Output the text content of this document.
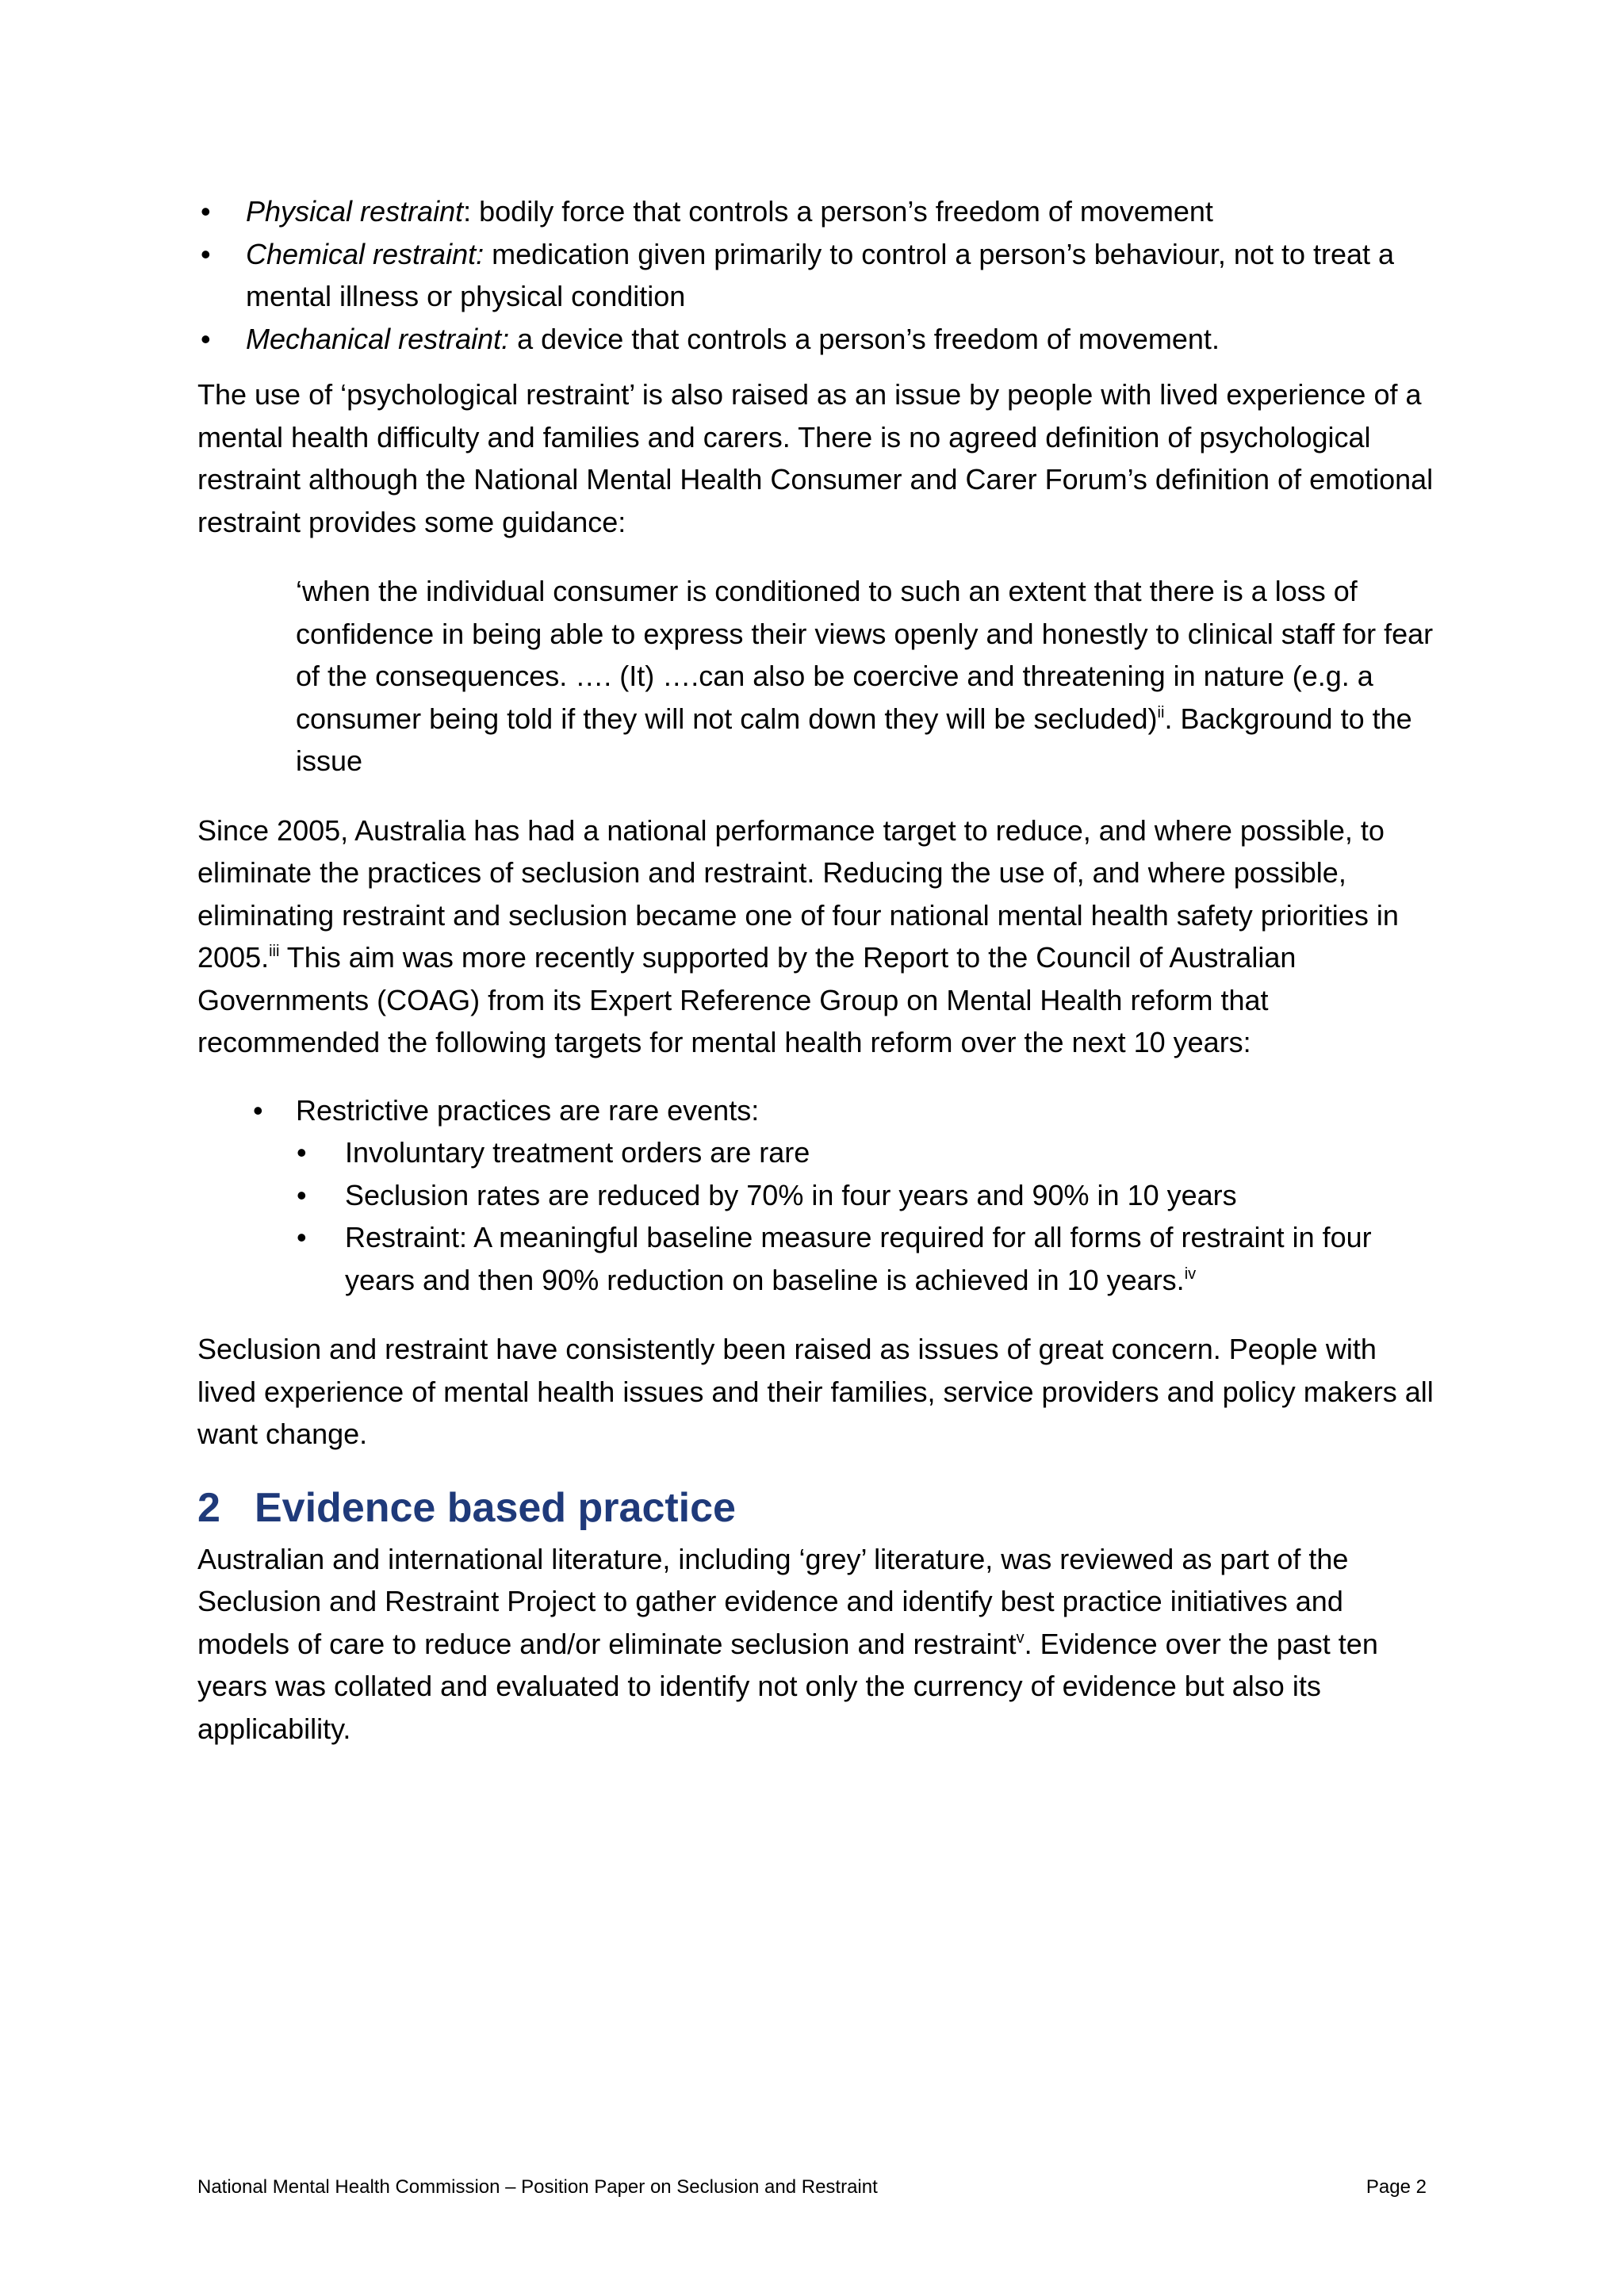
• Physical restraint: bodily force that controls a person’s freedom of movement
• Chemical restraint: medication given primarily to control a person’s behaviour, not to treat a mental illness or physical condition
• Mechanical restraint: a device that controls a person’s freedom of movement.

The use of ‘psychological restraint’ is also raised as an issue by people with lived experience of a mental health difficulty and families and carers. There is no agreed definition of psychological restraint although the National Mental Health Consumer and Carer Forum’s definition of emotional restraint provides some guidance:

‘when the individual consumer is conditioned to such an extent that there is a loss of confidence in being able to express their views openly and honestly to clinical staff for fear of the consequences. …. (It) ….can also be coercive and threatening in nature (e.g. a consumer being told if they will not calm down they will be secluded)$^{ii}$. Background to the issue

Since 2005, Australia has had a national performance target to reduce, and where possible, to eliminate the practices of seclusion and restraint. Reducing the use of, and where possible, eliminating restraint and seclusion became one of four national mental health safety priorities in 2005.$^{iii}$ This aim was more recently supported by the Report to the Council of Australian Governments (COAG) from its Expert Reference Group on Mental Health reform that recommended the following targets for mental health reform over the next 10 years:

• Restrictive practices are rare events:
• Involuntary treatment orders are rare
• Seclusion rates are reduced by 70% in four years and 90% in 10 years
• Restraint: A meaningful baseline measure required for all forms of restraint in four years and then 90% reduction on baseline is achieved in 10 years.$^{iv}$

Seclusion and restraint have consistently been raised as issues of great concern. People with lived experience of mental health issues and their families, service providers and policy makers all want change.

2 Evidence based practice

Australian and international literature, including ‘grey’ literature, was reviewed as part of the Seclusion and Restraint Project to gather evidence and identify best practice initiatives and models of care to reduce and/or eliminate seclusion and restraint$^v$. Evidence over the past ten years was collated and evaluated to identify not only the currency of evidence but also its applicability.

National Mental Health Commission – Position Paper on Seclusion and Restraint	Page 2
